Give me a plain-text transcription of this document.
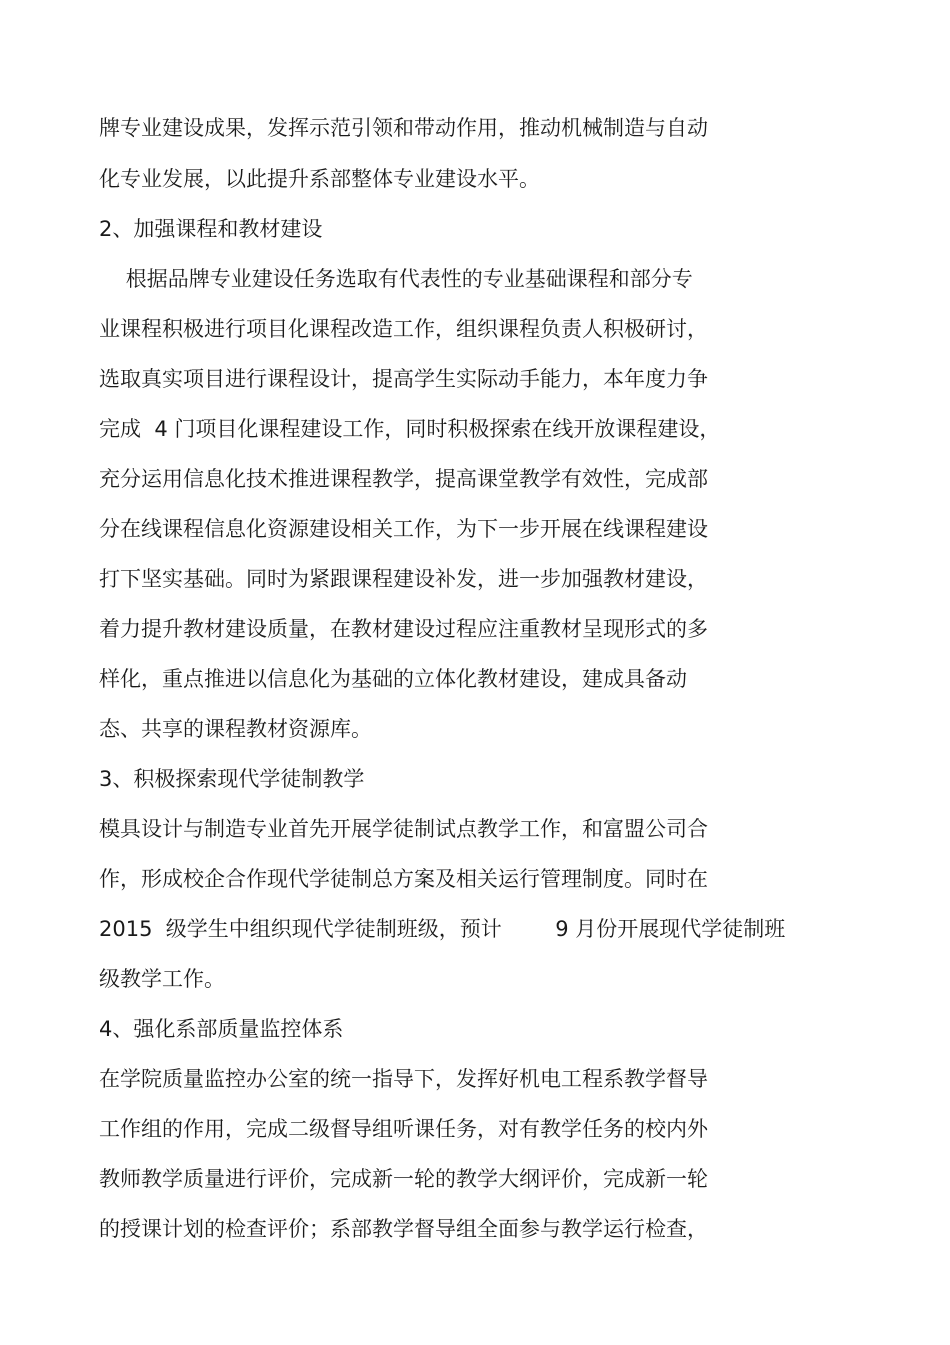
牌专业建设成果，发挥示范引领和带动作用，推动机械制造与自动

化专业发展，以此提升系部整体专业建设水平。

2、加强课程和教材建设

根据品牌专业建设任务选取有代表性的专业基础课程和部分专

业课程积极进行项目化课程改造工作，组织课程负责人积极研讨，

选取真实项目进行课程设计，提高学生实际动手能力，本年度力争

完成  4 门项目化课程建设工作，同时积极探索在线开放课程建设，

充分运用信息化技术推进课程教学，提高课堂教学有效性，完成部

分在线课程信息化资源建设相关工作，为下一步开展在线课程建设

打下坚实基础。同时为紧跟课程建设补发，进一步加强教材建设，

着力提升教材建设质量，在教材建设过程应注重教材呈现形式的多

样化，重点推进以信息化为基础的立体化教材建设，建成具备动

态、共享的课程教材资源库。

3、积极探索现代学徒制教学

模具设计与制造专业首先开展学徒制试点教学工作，和富盟公司合

作，形成校企合作现代学徒制总方案及相关运行管理制度。同时在

2015  级学生中组织现代学徒制班级，预计        9 月份开展现代学徒制班

级教学工作。

4、强化系部质量监控体系

在学院质量监控办公室的统一指导下，发挥好机电工程系教学督导

工作组的作用，完成二级督导组听课任务，对有教学任务的校内外

教师教学质量进行评价，完成新一轮的教学大纲评价，完成新一轮

的授课计划的检查评价；系部教学督导组全面参与教学运行检查，
